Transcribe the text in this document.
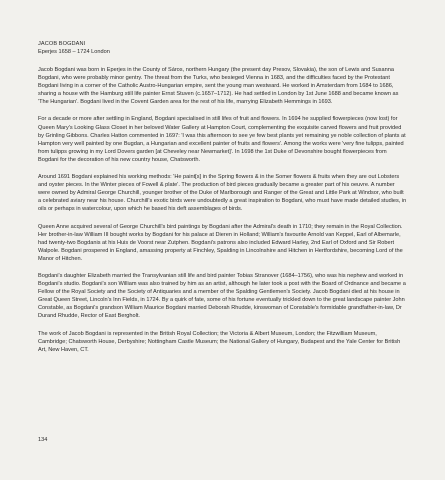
JACOB BOGDANI

Eperjes 1658 – 1724 London

Jacob Bogdani was born in Eperjes in the County of Sáros, northern Hungary (the present day Presov, Slovakia), the son of Lewis and Susanna Bogdani, who were probably minor gentry. The threat from the Turks, who besieged Vienna in 1683, and the difficulties faced by the Protestant Bogdani living in a corner of the Catholic Austro-Hungarian empire, sent the young man westward. He worked in Amsterdam from 1684 to 1686, sharing a house with the Hamburg still life painter Ernst Stuven (c.1657–1712). He had settled in London by 1st June 1688 and became known as 'The Hungarian'. Bogdani lived in the Covent Garden area for the rest of his life, marrying Elizabeth Hemmings in 1693.

For a decade or more after settling in England, Bogdani specialised in still lifes of fruit and flowers. In 1694 he supplied flowerpieces (now lost) for Queen Mary's Looking Glass Closet in her beloved Water Gallery at Hampton Court, complementing the exquisite carved flowers and fruit provided by Grinling Gibbons. Charles Hatton commented in 1697: 'I was this afternoon to see ye few best plants yet remaining ye noble collection of plants at Hampton very well painted by one Bugdan, a Hungarian and excellent painter of fruits and flowers'. Among the works were 'very fine tulipps, painted from tulipps growing in my Lord Dovers garden [at Cheveley near Newmarket]'. In 1698 the 1st Duke of Devonshire bought flowerpieces from Bogdani for the decoration of his new country house, Chatsworth.

Around 1691 Bogdani explained his working methods: 'He paint[s] in the Spring flowers & in the Somer flowers & fruits when they are out Lobsters and oyster pieces. In the Winter pieces of Fowell & plate'. The production of bird pieces gradually became a greater part of his oeuvre. A number were owned by Admiral George Churchill, younger brother of the Duke of Marlborough and Ranger of the Great and Little Park at Windsor, who built a celebrated aviary near his house. Churchill's exotic birds were undoubtedly a great inspiration to Bogdani, who must have made detailed studies, in oils or perhaps in watercolour, upon which he based his deft assemblages of birds.

Queen Anne acquired several of George Churchill's bird paintings by Bogdani after the Admiral's death in 1710; they remain in the Royal Collection. Her brother-in-law William III bought works by Bogdani for his palace at Dieren in Holland; William's favourite Arnold van Keppel, Earl of Albemarle, had twenty-two Bogdanis at his Huis de Voorst near Zutphen. Bogdani's patrons also included Edward Harley, 2nd Earl of Oxford and Sir Robert Walpole. Bogdani prospered in England, amassing property at Finchley, Spalding in Lincolnshire and Hitchen in Hertfordshire, becoming Lord of the Manor of Hitchen.

Bogdani's daughter Elizabeth married the Transylvanian still life and bird painter Tobias Stranover (1684–1756), who was his nephew and worked in Bogdani's studio. Bogdani's son William was also trained by him as an artist, although he later took a post with the Board of Ordnance and became a Fellow of the Royal Society and the Society of Antiquaries and a member of the Spalding Gentlemen's Society. Jacob Bogdani died at his house in Great Queen Street, Lincoln's Inn Fields, in 1724. By a quirk of fate, some of his fortune eventually trickled down to the great landscape painter John Constable, as Bogdani's grandson William Maurice Bogdani married Deborah Rhudde, kinswoman of Constable's formidable grandfather-in-law, Dr Durand Rhudde, Rector of East Bergholt.

The work of Jacob Bogdani is represented in the British Royal Collection; the Victoria & Albert Museum, London; the Fitzwilliam Museum, Cambridge; Chatsworth House, Derbyshire; Nottingham Castle Museum; the National Gallery of Hungary, Budapest and the Yale Center for British Art, New Haven, CT.

134
